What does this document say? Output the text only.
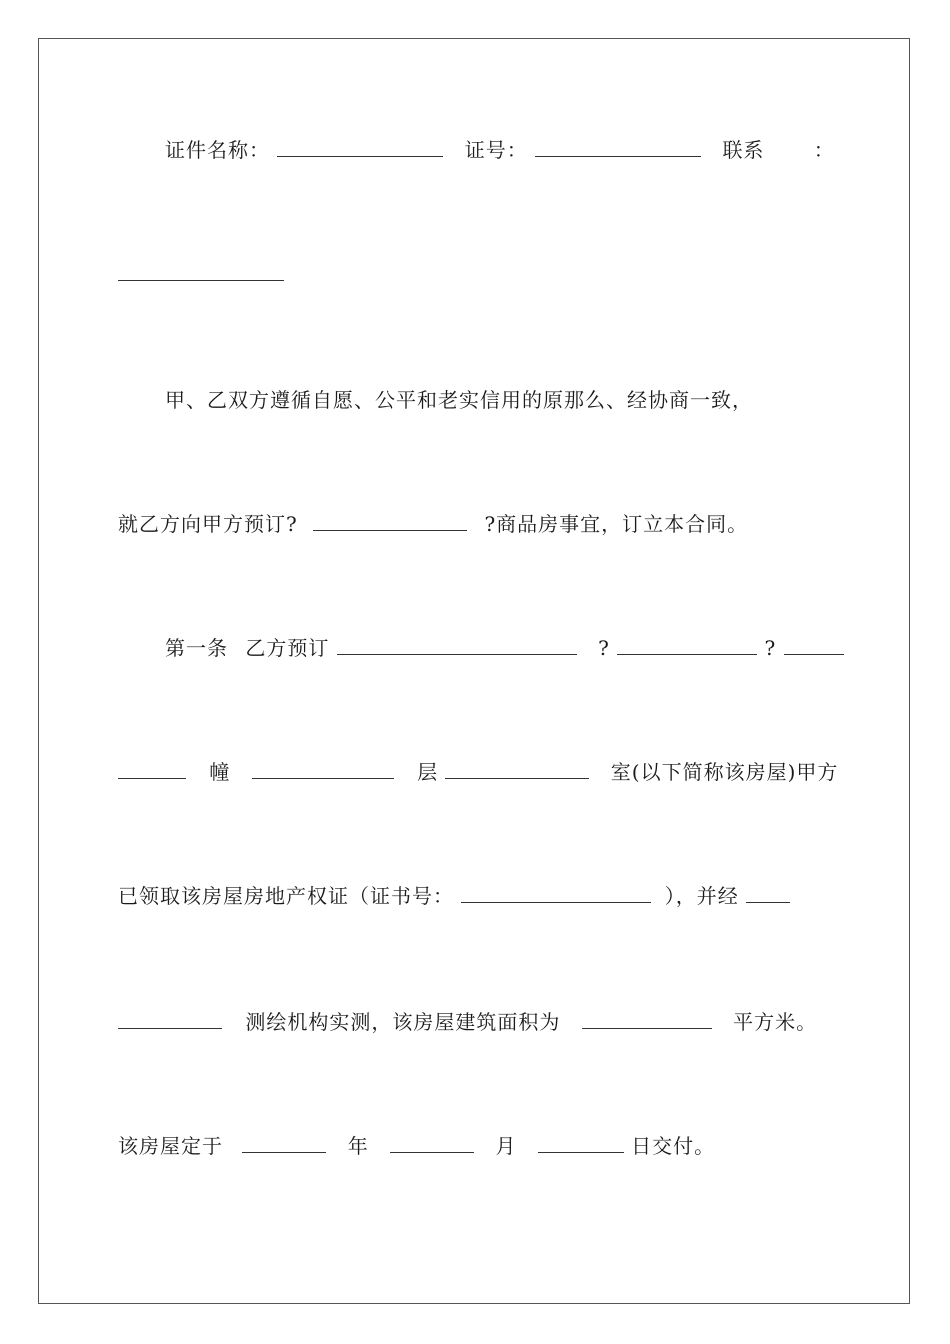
证件名称：	证号：	联系 ：
甲、乙双方遵循自愿、公平和老实信用的原那么、经协商一致，
就乙方向甲方预订?	?商品房事宜，订立本合同。
第一条 乙方预订	?	?
幢	层	室(以下简称该房屋)甲方
已领取该房屋房地产权证（证书号：	），并经
测绘机构实测，该房屋建筑面积为	平方米。
该房屋定于	年	月	日交付。
